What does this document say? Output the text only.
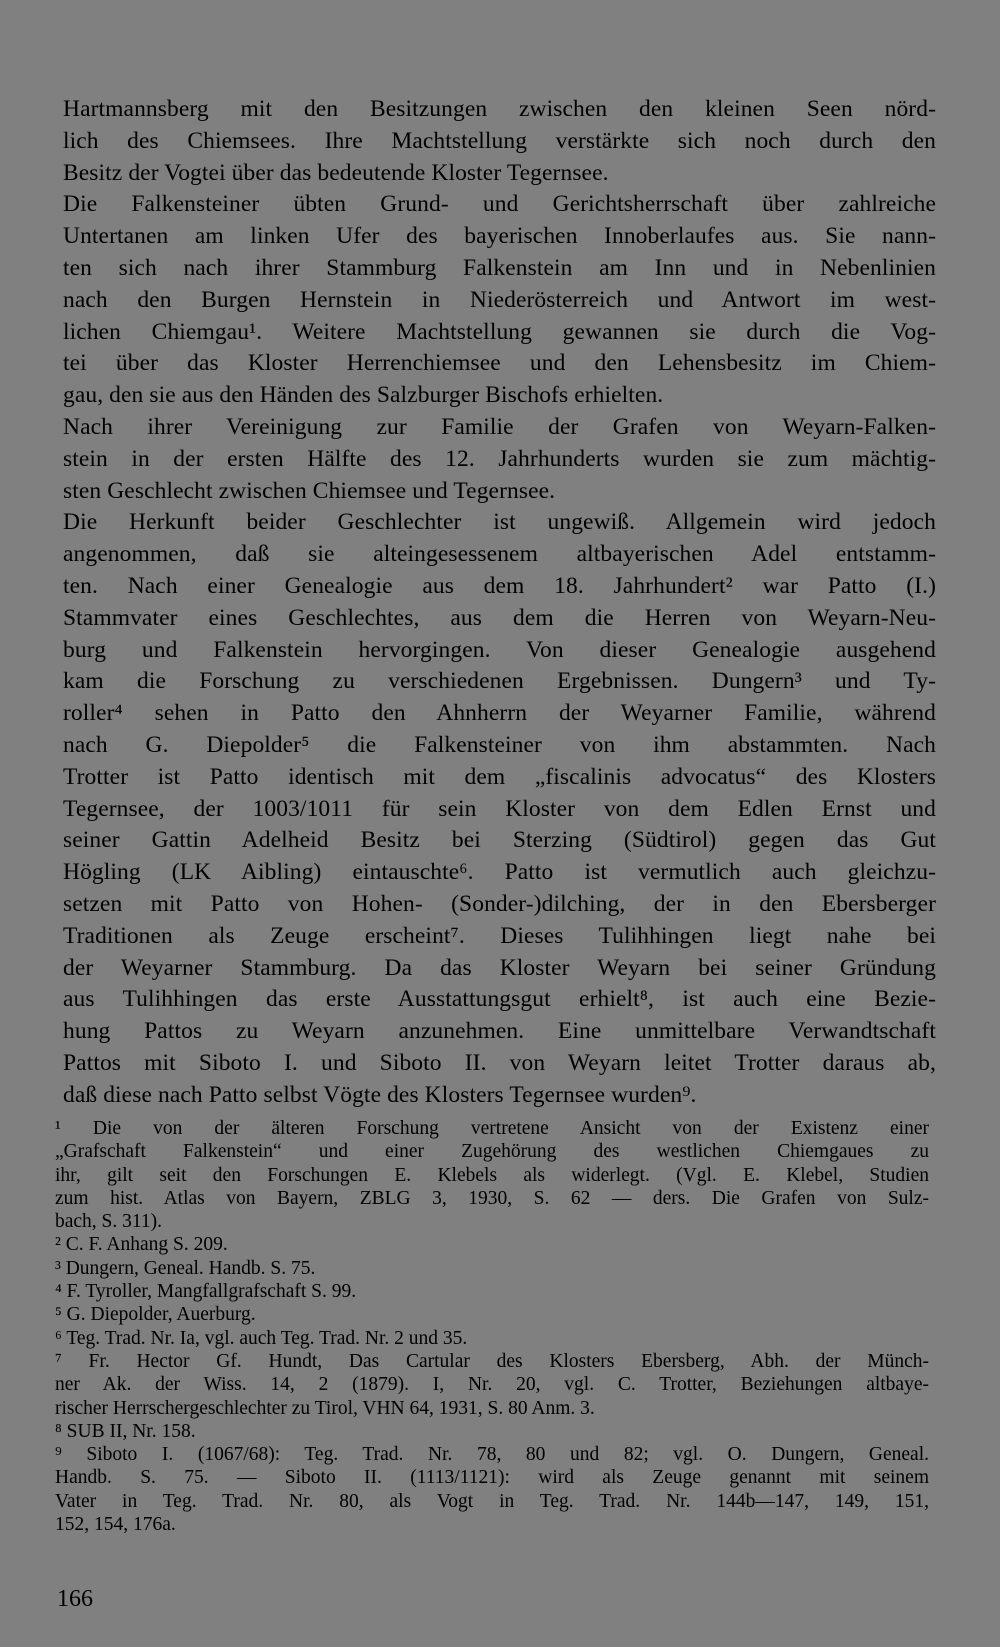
Hartmannsberg mit den Besitzungen zwischen den kleinen Seen nörd-
lich des Chiemsees. Ihre Machtstellung verstärkte sich noch durch den
Besitz der Vogtei über das bedeutende Kloster Tegernsee.
Die Falkensteiner übten Grund- und Gerichtsherrschaft über zahlreiche
Untertanen am linken Ufer des bayerischen Innoberlaufes aus. Sie nann-
ten sich nach ihrer Stammburg Falkenstein am Inn und in Nebenlinien
nach den Burgen Hernstein in Niederösterreich und Antwort im west-
lichen Chiemgau¹. Weitere Machtstellung gewannen sie durch die Vog-
tei über das Kloster Herrenchiemsee und den Lehensbesitz im Chiem-
gau, den sie aus den Händen des Salzburger Bischofs erhielten.
Nach ihrer Vereinigung zur Familie der Grafen von Weyarn-Falken-
stein in der ersten Hälfte des 12. Jahrhunderts wurden sie zum mächtig-
sten Geschlecht zwischen Chiemsee und Tegernsee.
Die Herkunft beider Geschlechter ist ungewiß. Allgemein wird jedoch
angenommen, daß sie alteingesessenem altbayerischen Adel entstamm-
ten. Nach einer Genealogie aus dem 18. Jahrhundert² war Patto (I.)
Stammvater eines Geschlechtes, aus dem die Herren von Weyarn-Neu-
burg und Falkenstein hervorgingen. Von dieser Genealogie ausgehend
kam die Forschung zu verschiedenen Ergebnissen. Dungern³ und Ty-
roller⁴ sehen in Patto den Ahnherrn der Weyarner Familie, während
nach G. Diepolder⁵ die Falkensteiner von ihm abstammten. Nach
Trotter ist Patto identisch mit dem „fiscalinis advocatus“ des Klosters
Tegernsee, der 1003/1011 für sein Kloster von dem Edlen Ernst und
seiner Gattin Adelheid Besitz bei Sterzing (Südtirol) gegen das Gut
Högling (LK Aibling) eintauschte⁶. Patto ist vermutlich auch gleichzu-
setzen mit Patto von Hohen- (Sonder-)dilching, der in den Ebersberger
Traditionen als Zeuge erscheint⁷. Dieses Tulihhingen liegt nahe bei
der Weyarner Stammburg. Da das Kloster Weyarn bei seiner Gründung
aus Tulihhingen das erste Ausstattungsgut erhielt⁸, ist auch eine Bezie-
hung Pattos zu Weyarn anzunehmen. Eine unmittelbare Verwandtschaft
Pattos mit Siboto I. und Siboto II. von Weyarn leitet Trotter daraus ab,
daß diese nach Patto selbst Vögte des Klosters Tegernsee wurden⁹.
¹ Die von der älteren Forschung vertretene Ansicht von der Existenz einer
„Grafschaft Falkenstein“ und einer Zugehörung des westlichen Chiemgaues zu
ihr, gilt seit den Forschungen E. Klebels als widerlegt. (Vgl. E. Klebel, Studien
zum hist. Atlas von Bayern, ZBLG 3, 1930, S. 62 — ders. Die Grafen von Sulz-
bach, S. 311).
² C. F. Anhang S. 209.
³ Dungern, Geneal. Handb. S. 75.
⁴ F. Tyroller, Mangfallgrafschaft S. 99.
⁵ G. Diepolder, Auerburg.
⁶ Teg. Trad. Nr. Ia, vgl. auch Teg. Trad. Nr. 2 und 35.
⁷ Fr. Hector Gf. Hundt, Das Cartular des Klosters Ebersberg, Abh. der Münch-
ner Ak. der Wiss. 14, 2 (1879). I, Nr. 20, vgl. C. Trotter, Beziehungen altbaye-
rischer Herrschergeschlechter zu Tirol, VHN 64, 1931, S. 80 Anm. 3.
⁸ SUB II, Nr. 158.
⁹ Siboto I. (1067/68): Teg. Trad. Nr. 78, 80 und 82; vgl. O. Dungern, Geneal.
Handb. S. 75. — Siboto II. (1113/1121): wird als Zeuge genannt mit seinem
Vater in Teg. Trad. Nr. 80, als Vogt in Teg. Trad. Nr. 144b—147, 149, 151,
152, 154, 176a.
166
